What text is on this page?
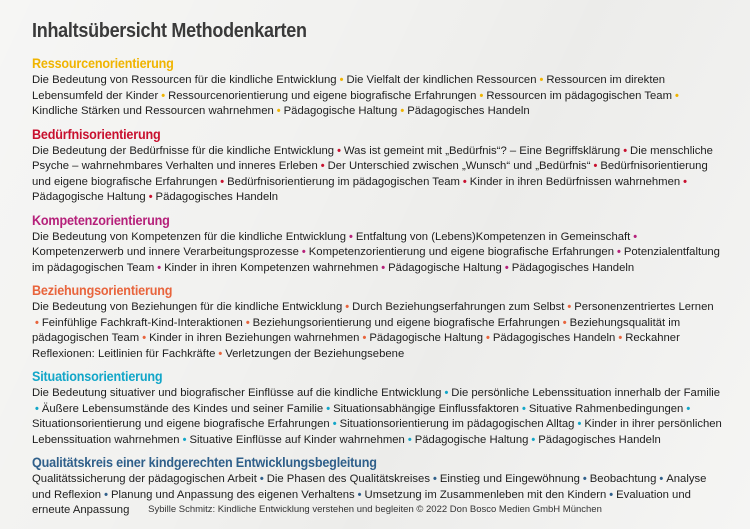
Inhaltsübersicht Methodenkarten
Ressourcenorientierung

Die Bedeutung von Ressourcen für die kindliche Entwicklung • Die Vielfalt der kindlichen Ressourcen • Ressourcen im direkten Lebensumfeld der Kinder • Ressourcenorientierung und eigene biografische Erfahrungen • Ressourcen im pädagogischen Team •Kindliche Stärken und Ressourcen wahrnehmen • Pädagogische Haltung • Pädagogisches Handeln

Bedürfnisorientierung

Die Bedeutung der Bedürfnisse für die kindliche Entwicklung • Was ist gemeint mit „Bedürfnis“? – Eine Begriffsklärung • Die menschliche Psyche – wahrnehmbares Verhalten und inneres Erleben • Der Unterschied zwischen „Wunsch“ und „Bedürfnis“ • Bedürfnisorientierung und eigene biografische Erfahrungen • Bedürfnisorientierung im pädagogischen Team • Kinder in ihren Bedürfnissen wahrnehmen •Pädagogische Haltung • Pädagogisches Handeln

Kompetenzorientierung

Die Bedeutung von Kompetenzen für die kindliche Entwicklung • Entfaltung von (Lebens)Kompetenzen in Gemeinschaft •Kompetenzerwerb und innere Verarbeitungsprozesse • Kompetenzorientierung und eigene biografische Erfahrungen • Potenzialentfaltung im pädagogischen Team • Kinder in ihren Kompetenzen wahrnehmen • Pädagogische Haltung • Pädagogisches Handeln

Beziehungsorientierung

Die Bedeutung von Beziehungen für die kindliche Entwicklung • Durch Beziehungserfahrungen zum Selbst • Personenzentriertes Lernen• Feinfühlige Fachkraft-Kind-Interaktionen • Beziehungsorientierung und eigene biografische Erfahrungen • Beziehungsqualität im pädagogischen Team • Kinder in ihren Beziehungen wahrnehmen • Pädagogische Haltung • Pädagogisches Handeln • Reckahner Reflexionen: Leitlinien für Fachkräfte • Verletzungen der Beziehungsebene

Situationsorientierung

Die Bedeutung situativer und biografischer Einflüsse auf die kindliche Entwicklung • Die persönliche Lebenssituation innerhalb der Familie• Äußere Lebensumstände des Kindes und seiner Familie • Situationsabhängige Einflussfaktoren • Situative Rahmenbedingungen •Situationsorientierung und eigene biografische Erfahrungen • Situationsorientierung im pädagogischen Alltag • Kinder in ihrer persönlichen Lebenssituation wahrnehmen • Situative Einflüsse auf Kinder wahrnehmen • Pädagogische Haltung • Pädagogisches Handeln

Qualitätskreis einer kindgerechten Entwicklungsbegleitung

Qualitätssicherung der pädagogischen Arbeit • Die Phasen des Qualitätskreises • Einstieg und Eingewöhnung • Beobachtung • Analyse und Reflexion • Planung und Anpassung des eigenen Verhaltens • Umsetzung im Zusammenleben mit den Kindern • Evaluation und erneute Anpassung	Sybille Schmitz: Kindliche Entwicklung verstehen und begleiten © 2022 Don Bosco Medien GmbH München
